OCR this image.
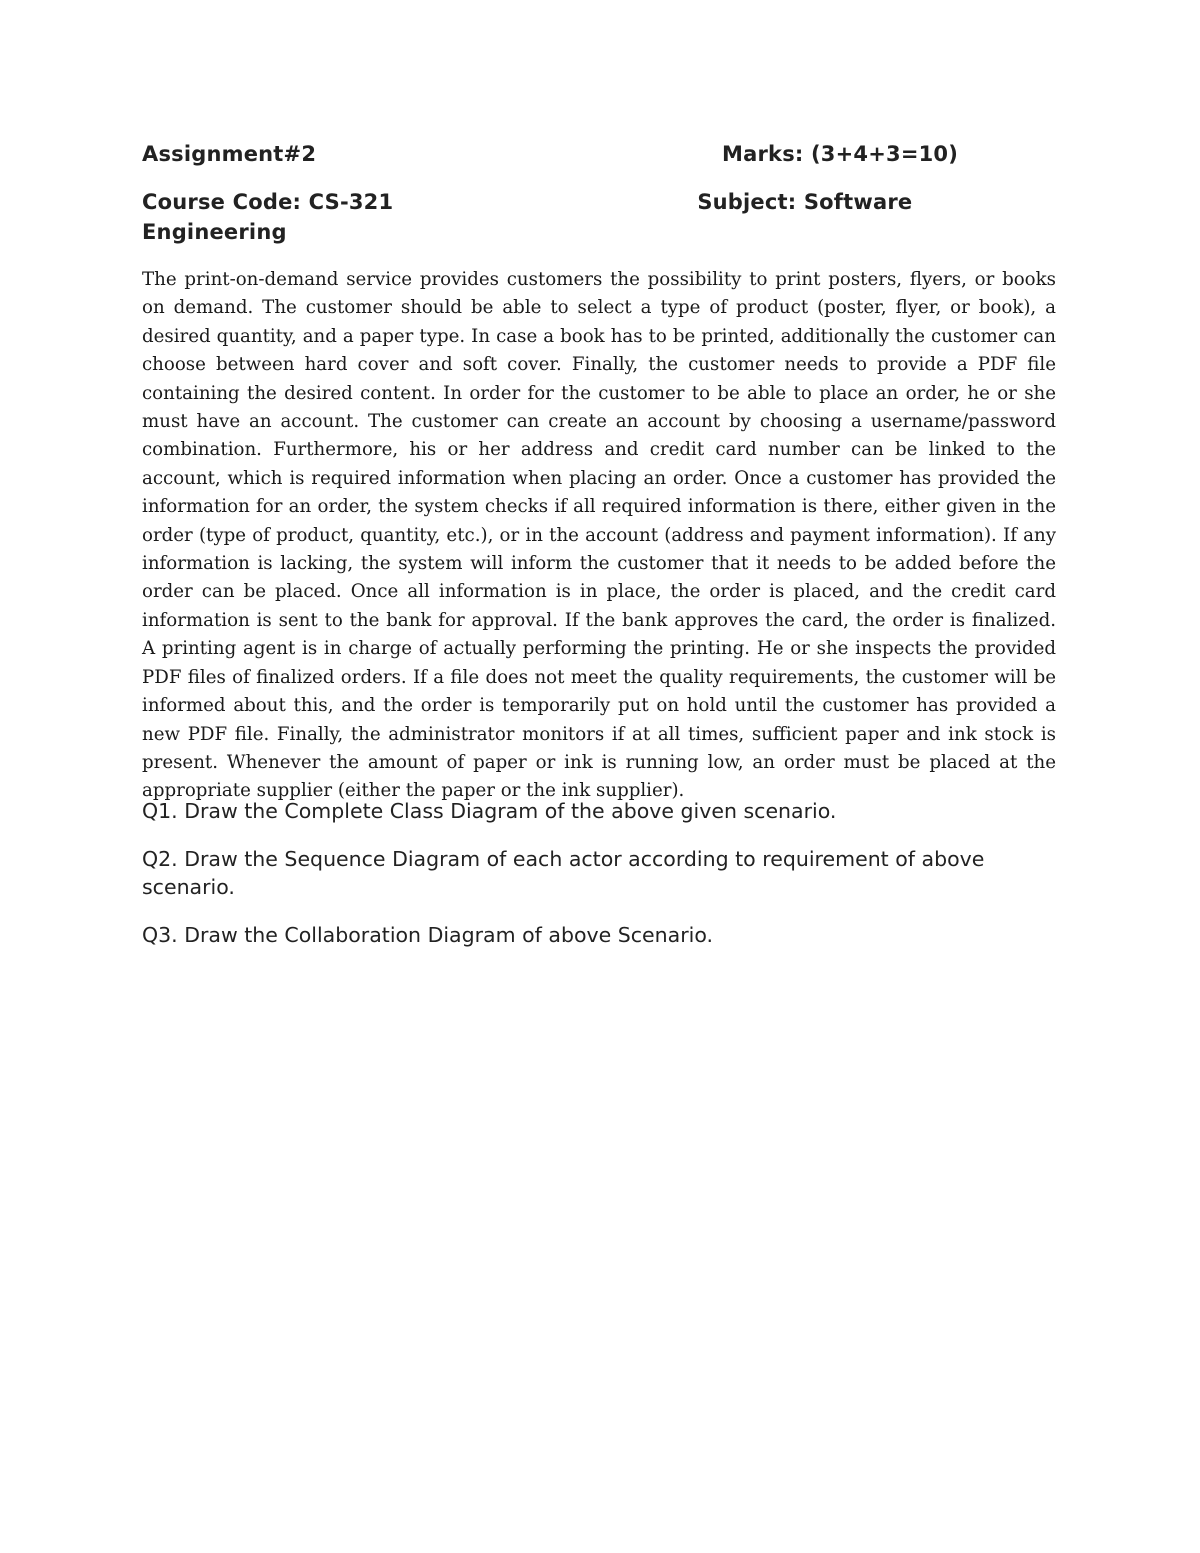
Assignment#2	Marks: (3+4+3=10)
Course Code: CS-321	Subject: Software Engineering

The print-on-demand service provides customers the possibility to print posters, flyers, or books on demand. The customer should be able to select a type of product (poster, flyer, or book), a desired quantity, and a paper type. In case a book has to be printed, additionally the customer can choose between hard cover and soft cover. Finally, the customer needs to provide a PDF file containing the desired content. In order for the customer to be able to place an order, he or she must have an account. The customer can create an account by choosing a username/password combination. Furthermore, his or her address and credit card number can be linked to the account, which is required information when placing an order. Once a customer has provided the information for an order, the system checks if all required information is there, either given in the order (type of product, quantity, etc.), or in the account (address and payment information). If any information is lacking, the system will inform the customer that it needs to be added before the order can be placed. Once all information is in place, the order is placed, and the credit card information is sent to the bank for approval. If the bank approves the card, the order is finalized. A printing agent is in charge of actually performing the printing. He or she inspects the provided PDF files of finalized orders. If a file does not meet the quality requirements, the customer will be informed about this, and the order is temporarily put on hold until the customer has provided a new PDF file. Finally, the administrator monitors if at all times, sufficient paper and ink stock is present. Whenever the amount of paper or ink is running low, an order must be placed at the appropriate supplier (either the paper or the ink supplier).

Q1. Draw the Complete Class Diagram of the above given scenario.

Q2. Draw the Sequence Diagram of each actor according to requirement of above scenario.

Q3. Draw the Collaboration Diagram of above Scenario.
